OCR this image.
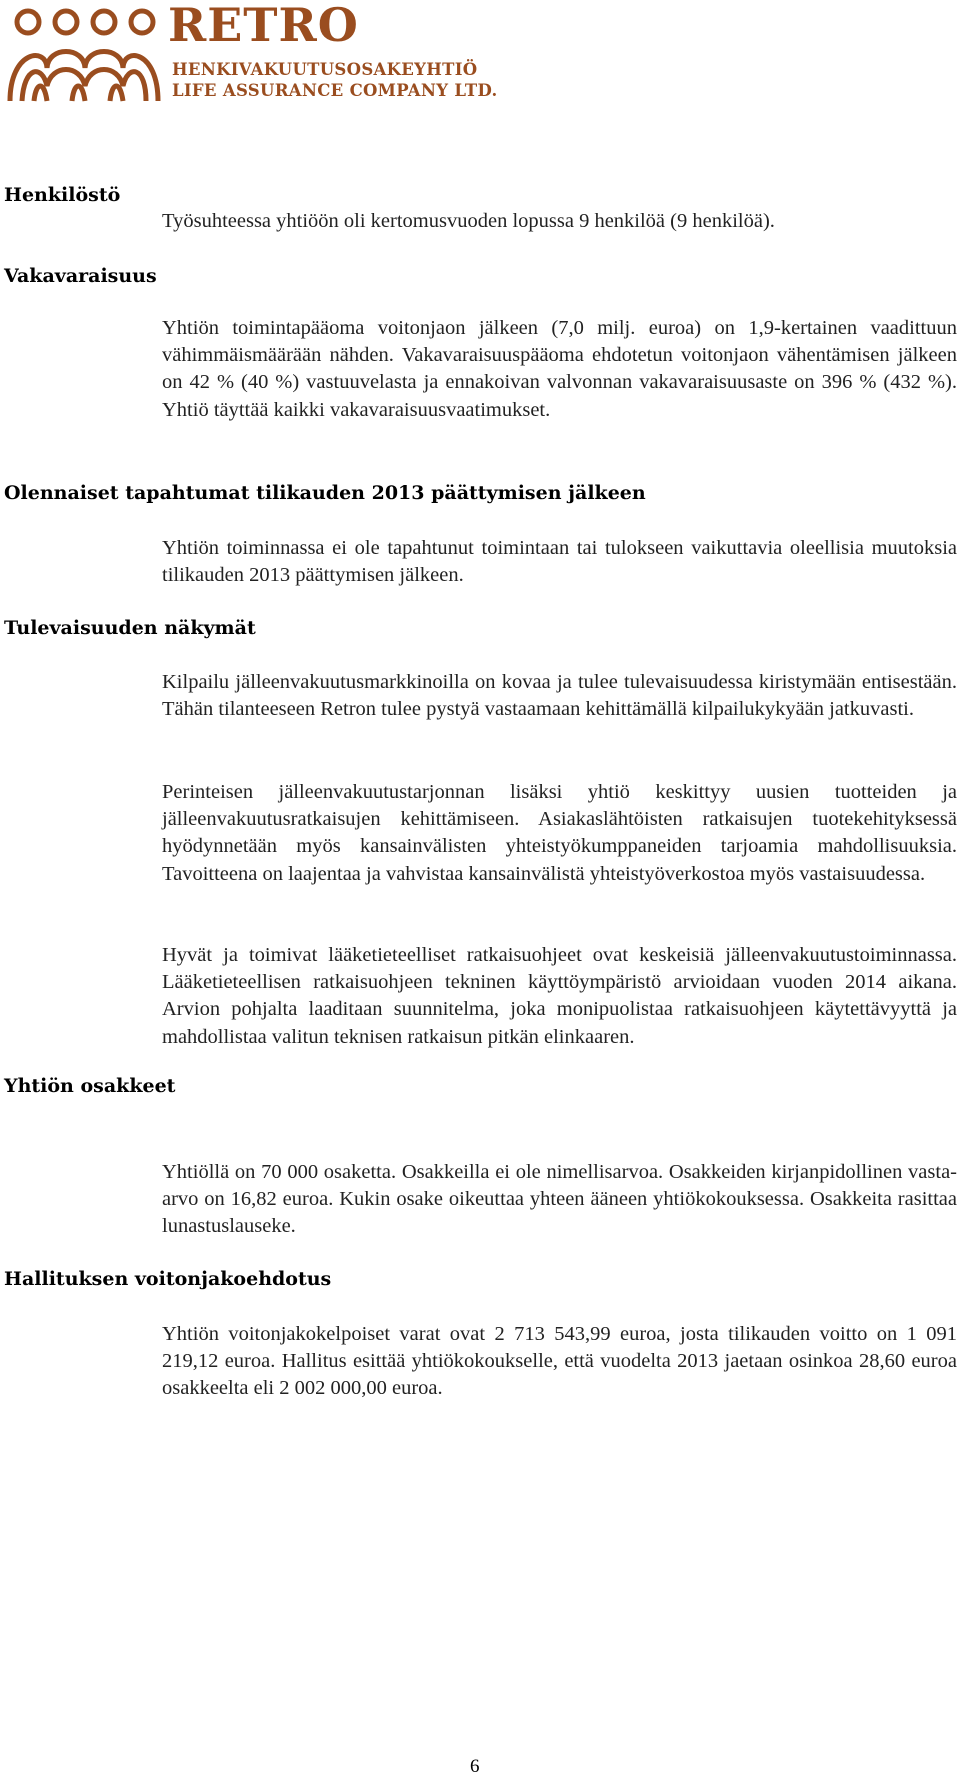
RETRO
HENKIVAKUUTUSOSAKEYHTIÖ
LIFE ASSURANCE COMPANY LTD.
Henkilöstö
Työsuhteessa yhtiöön oli kertomusvuoden lopussa 9 henkilöä (9 henkilöä).
Vakavaraisuus
Yhtiön toimintapääoma voitonjaon jälkeen (7,0 milj. euroa) on 1,9-kertainen vaadittuun vähimmäismäärään nähden. Vakavaraisuuspääoma ehdotetun voitonjaon vähentämisen jälkeen on 42 % (40 %) vastuuvelasta ja ennakoivan valvonnan vakavaraisuusaste on 396 % (432 %). Yhtiö täyttää kaikki vakavaraisuusvaatimukset.
Olennaiset tapahtumat tilikauden 2013 päättymisen jälkeen
Yhtiön toiminnassa ei ole tapahtunut toimintaan tai tulokseen vaikuttavia oleellisia muutoksia tilikauden 2013 päättymisen jälkeen.
Tulevaisuuden näkymät
Kilpailu jälleenvakuutusmarkkinoilla on kovaa ja tulee tulevaisuudessa kiristymään entisestään. Tähän tilanteeseen Retron tulee pystyä vastaamaan kehittämällä kilpailukykyään jatkuvasti.
Perinteisen jälleenvakuutustarjonnan lisäksi yhtiö keskittyy uusien tuotteiden ja jälleenvakuutusratkaisujen kehittämiseen. Asiakaslähtöisten ratkaisujen tuotekehityksessä hyödynnetään myös kansainvälisten yhteistyökumppaneiden tarjoamia mahdollisuuksia. Tavoitteena on laajentaa ja vahvistaa kansainvälistä yhteistyöverkostoa myös vastaisuudessa.
Hyvät ja toimivat lääketieteelliset ratkaisuohjeet ovat keskeisiä jälleenvakuutustoiminnassa. Lääketieteellisen ratkaisuohjeen tekninen käyttöympäristö arvioidaan vuoden 2014 aikana. Arvion pohjalta laaditaan suunnitelma, joka monipuolistaa ratkaisuohjeen käytettävyyttä ja mahdollistaa valitun teknisen ratkaisun pitkän elinkaaren.
Yhtiön osakkeet
Yhtiöllä on 70 000 osaketta. Osakkeilla ei ole nimellisarvoa. Osakkeiden kirjanpidollinen vasta-arvo on 16,82 euroa. Kukin osake oikeuttaa yhteen ääneen yhtiökokouksessa. Osakkeita rasittaa lunastuslauseke.
Hallituksen voitonjakoehdotus
Yhtiön voitonjakokelpoiset varat ovat 2 713 543,99 euroa, josta tilikauden voitto on 1 091 219,12 euroa. Hallitus esittää yhtiökokoukselle, että vuodelta 2013 jaetaan osinkoa 28,60 euroa osakkeelta eli 2 002 000,00 euroa.
6
